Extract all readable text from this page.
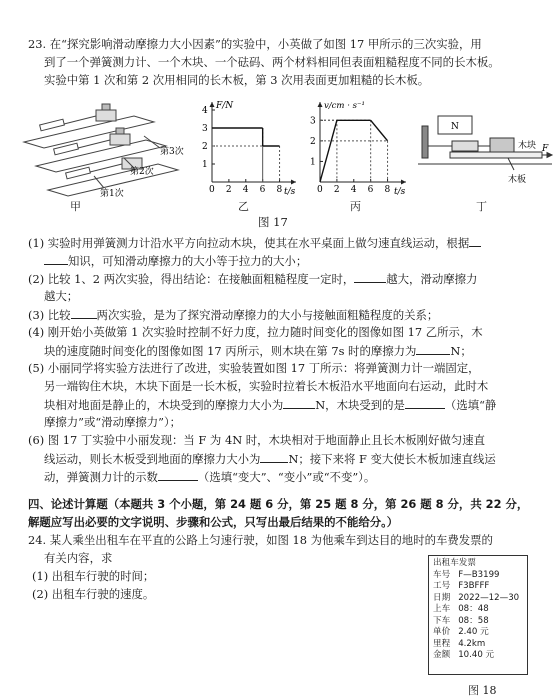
23. 在“探究影响滑动摩擦力大小因素”的实验中，小英做了如图 17 甲所示的三次实验，用
到了一个弹簧测力计、一个木块、一个砝码、两个材料相同但表面粗糙程度不同的长木板。
实验中第 1 次和第 2 次用相同的长木板，第 3 次用表面更加粗糙的长木板。
第3次
第2次
第1次
甲
F/N
t/s
0 2 4 6 8
1
2
3
4
乙
v/cm · s⁻¹
t/s
0 2 4 6 8
1
2
3
丙
N
木块 F
木板
丁
图 17
(1) 实验时用弹簧测力计沿水平方向拉动木块，使其在水平桌面上做匀速直线运动，根据
知识，可知滑动摩擦力的大小等于拉力的大小；
(2) 比较 1、2 两次实验，得出结论：在接触面粗糙程度一定时，	越大，滑动摩擦力
越大；
(3) 比较 两次实验，是为了探究滑动摩擦力的大小与接触面粗糙程度的关系；
(4) 刚开始小英做第 1 次实验时控制不好力度，拉力随时间变化的图像如图 17 乙所示，木
块的速度随时间变化的图像如图 17 丙所示，则木块在第 7s 时的摩擦力为	N；
(5) 小丽同学将实验方法进行了改进，实验装置如图 17 丁所示：将弹簧测力计一端固定，
另一端钩住木块，木块下面是一长木板，实验时拉着长木板沿水平地面向右运动，此时木
块相对地面是静止的，木块受到的摩擦力大小为	N，木块受到的是	（选填“静
摩擦力”或“滑动摩擦力”）；
(6) 图 17 丁实验中小丽发现：当 F 为 4N 时，木块相对于地面静止且长木板刚好做匀速直
线运动，则长木板受到地面的摩擦力大小为 N；接下来将 F 变大使长木板加速直线运
动，弹簧测力计的示数	（选填“变大”、“变小”或“不变”）。
四、论述计算题（本题共 3 个小题，第 24 题 6 分，第 25 题 8 分，第 26 题 8 分，共 22 分，
解题应写出必要的文字说明、步骤和公式，只写出最后结果的不能给分。）
24. 某人乘坐出租车在平直的公路上匀速行驶，如图 18 为他乘车到达目的地时的车费发票的
有关内容，求
(1) 出租车行驶的时间；
(2) 出租车行驶的速度。
出租车发票
车号 F—B3199
工号 F3BFFF
日期 2022—12—30
上车 08：48
下车 08：58
单价 2.40 元
里程 4.2km
金额 10.40 元
图 18
